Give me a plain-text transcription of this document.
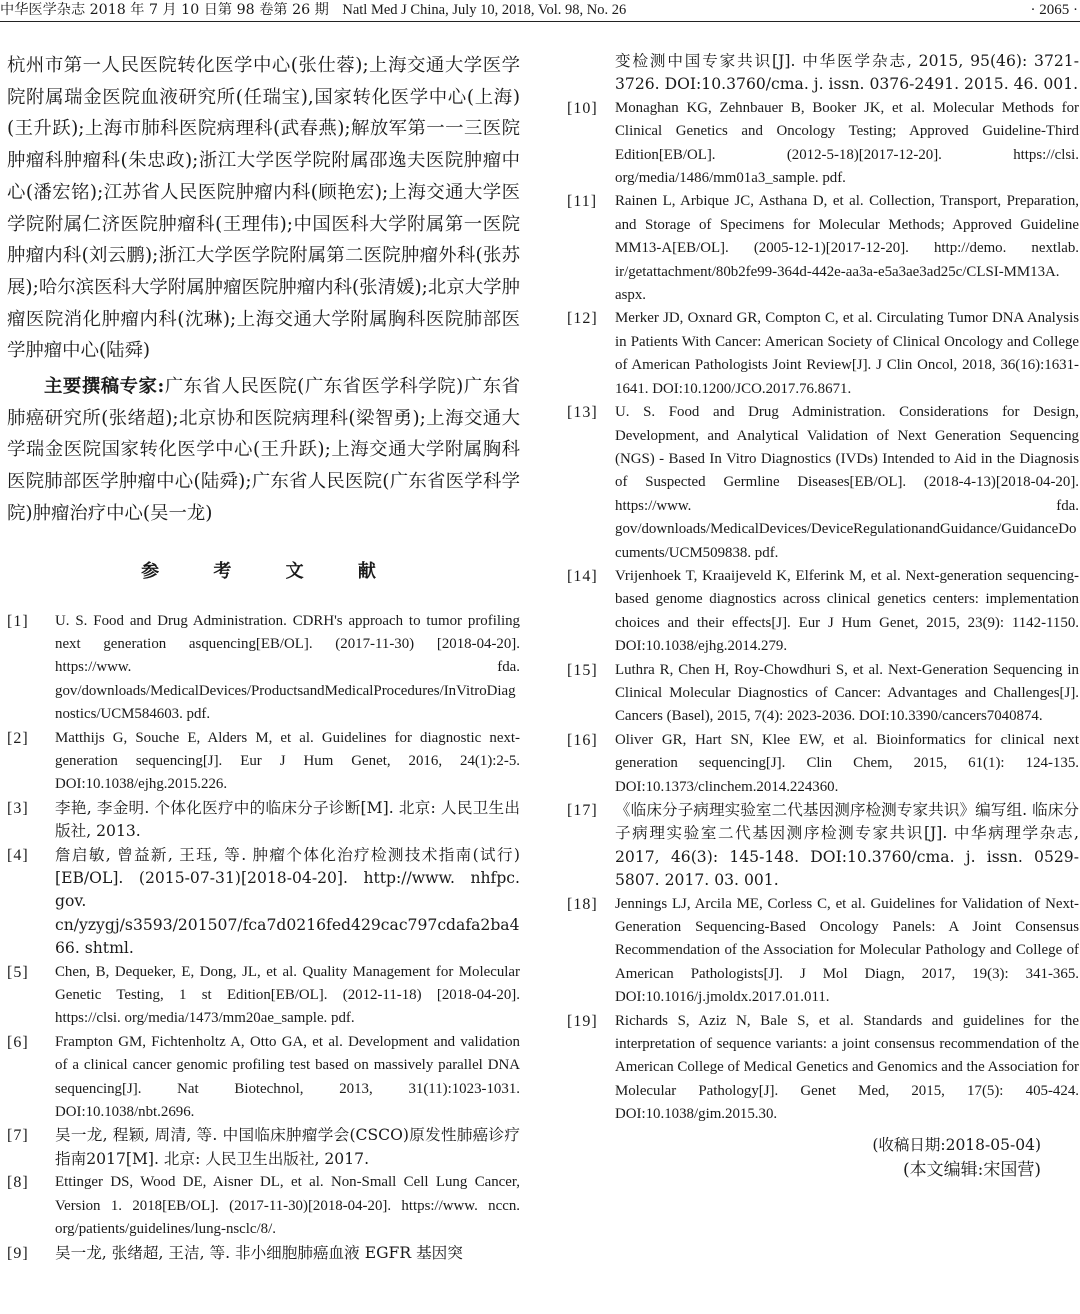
中华医学杂志 2018 年 7 月 10 日第 98 卷第 26 期 Natl Med J China, July 10, 2018, Vol. 98, No. 26	· 2065 ·

杭州市第一人民医院转化医学中心(张仕蓉);上海交通大学医学院附属瑞金医院血液研究所(任瑞宝),国家转化医学中心(上海)(王升跃);上海市肺科医院病理科(武春燕);解放军第一一三医院肿瘤科肿瘤科(朱忠政);浙江大学医学院附属邵逸夫医院肿瘤中心(潘宏铭);江苏省人民医院肿瘤内科(顾艳宏);上海交通大学医学院附属仁济医院肿瘤科(王理伟);中国医科大学附属第一医院肿瘤内科(刘云鹏);浙江大学医学院附属第二医院肿瘤外科(张苏展);哈尔滨医科大学附属肿瘤医院肿瘤内科(张清媛);北京大学肿瘤医院消化肿瘤内科(沈琳);上海交通大学附属胸科医院肺部医学肿瘤中心(陆舜)

主要撰稿专家:广东省人民医院(广东省医学科学院)广东省肺癌研究所(张绪超);北京协和医院病理科(梁智勇);上海交通大学瑞金医院国家转化医学中心(王升跃);上海交通大学附属胸科医院肺部医学肿瘤中心(陆舜);广东省人民医院(广东省医学科学院)肿瘤治疗中心(吴一龙)

参 考 文 献
[1]	U. S. Food and Drug Administration. CDRH's approach to tumor profiling next generation asquencing[EB/OL]. (2017-11-30) [2018-04-20]. https://www. fda. gov/downloads/MedicalDevices/ProductsandMedicalProcedures/InVitroDiagnostics/UCM584603. pdf.
[2]	Matthijs G, Souche E, Alders M, et al. Guidelines for diagnostic next-generation sequencing[J]. Eur J Hum Genet, 2016, 24(1):2-5. DOI:10.1038/ejhg.2015.226.
[3]	李艳, 李金明. 个体化医疗中的临床分子诊断[M]. 北京: 人民卫生出版社, 2013.
[4]	詹启敏, 曾益新, 王珏, 等. 肿瘤个体化治疗检测技术指南(试行)[EB/OL]. (2015-07-31)[2018-04-20]. http://www. nhfpc. gov. cn/yzygj/s3593/201507/fca7d0216fed429cac797cdafa2ba466. shtml.
[5]	Chen, B, Dequeker, E, Dong, JL, et al. Quality Management for Molecular Genetic Testing, 1 st Edition[EB/OL]. (2012-11-18) [2018-04-20]. https://clsi. org/media/1473/mm20ae_sample. pdf.
[6]	Frampton GM, Fichtenholtz A, Otto GA, et al. Development and validation of a clinical cancer genomic profiling test based on massively parallel DNA sequencing[J]. Nat Biotechnol, 2013, 31(11):1023-1031. DOI:10.1038/nbt.2696.
[7]	吴一龙, 程颖, 周清, 等. 中国临床肿瘤学会(CSCO)原发性肺癌诊疗指南2017[M]. 北京: 人民卫生出版社, 2017.
[8]	Ettinger DS, Wood DE, Aisner DL, et al. Non-Small Cell Lung Cancer, Version 1. 2018[EB/OL]. (2017-11-30)[2018-04-20]. https://www. nccn. org/patients/guidelines/lung-nsclc/8/.
[9]	吴一龙, 张绪超, 王洁, 等. 非小细胞肺癌血液 EGFR 基因突
变检测中国专家共识[J]. 中华医学杂志, 2015, 95(46): 3721-3726. DOI:10.3760/cma. j. issn. 0376-2491. 2015. 46. 001.
[10]	Monaghan KG, Zehnbauer B, Booker JK, et al. Molecular Methods for Clinical Genetics and Oncology Testing; Approved Guideline-Third Edition[EB/OL]. (2012-5-18)[2017-12-20]. https://clsi. org/media/1486/mm01a3_sample. pdf.
[11]	Rainen L, Arbique JC, Asthana D, et al. Collection, Transport, Preparation, and Storage of Specimens for Molecular Methods; Approved Guideline MM13-A[EB/OL]. (2005-12-1)[2017-12-20]. http://demo. nextlab. ir/getattachment/80b2fe99-364d-442e-aa3a-e5a3ae3ad25c/CLSI-MM13A. aspx.
[12]	Merker JD, Oxnard GR, Compton C, et al. Circulating Tumor DNA Analysis in Patients With Cancer: American Society of Clinical Oncology and College of American Pathologists Joint Review[J]. J Clin Oncol, 2018, 36(16):1631-1641. DOI:10.1200/JCO.2017.76.8671.
[13]	U. S. Food and Drug Administration. Considerations for Design, Development, and Analytical Validation of Next Generation Sequencing (NGS) - Based In Vitro Diagnostics (IVDs) Intended to Aid in the Diagnosis of Suspected Germline Diseases[EB/OL]. (2018-4-13)[2018-04-20]. https://www. fda. gov/downloads/MedicalDevices/DeviceRegulationandGuidance/GuidanceDocuments/UCM509838. pdf.
[14]	Vrijenhoek T, Kraaijeveld K, Elferink M, et al. Next-generation sequencing-based genome diagnostics across clinical genetics centers: implementation choices and their effects[J]. Eur J Hum Genet, 2015, 23(9): 1142-1150. DOI:10.1038/ejhg.2014.279.
[15]	Luthra R, Chen H, Roy-Chowdhuri S, et al. Next-Generation Sequencing in Clinical Molecular Diagnostics of Cancer: Advantages and Challenges[J]. Cancers (Basel), 2015, 7(4): 2023-2036. DOI:10.3390/cancers7040874.
[16]	Oliver GR, Hart SN, Klee EW, et al. Bioinformatics for clinical next generation sequencing[J]. Clin Chem, 2015, 61(1): 124-135. DOI:10.1373/clinchem.2014.224360.
[17]	《临床分子病理实验室二代基因测序检测专家共识》编写组. 临床分子病理实验室二代基因测序检测专家共识[J]. 中华病理学杂志, 2017, 46(3): 145-148. DOI:10.3760/cma. j. issn. 0529-5807. 2017. 03. 001.
[18]	Jennings LJ, Arcila ME, Corless C, et al. Guidelines for Validation of Next-Generation Sequencing-Based Oncology Panels: A Joint Consensus Recommendation of the Association for Molecular Pathology and College of American Pathologists[J]. J Mol Diagn, 2017, 19(3): 341-365. DOI:10.1016/j.jmoldx.2017.01.011.
[19]	Richards S, Aziz N, Bale S, et al. Standards and guidelines for the interpretation of sequence variants: a joint consensus recommendation of the American College of Medical Genetics and Genomics and the Association for Molecular Pathology[J]. Genet Med, 2015, 17(5): 405-424. DOI:10.1038/gim.2015.30.
(收稿日期:2018-05-04)
(本文编辑:宋国营)
